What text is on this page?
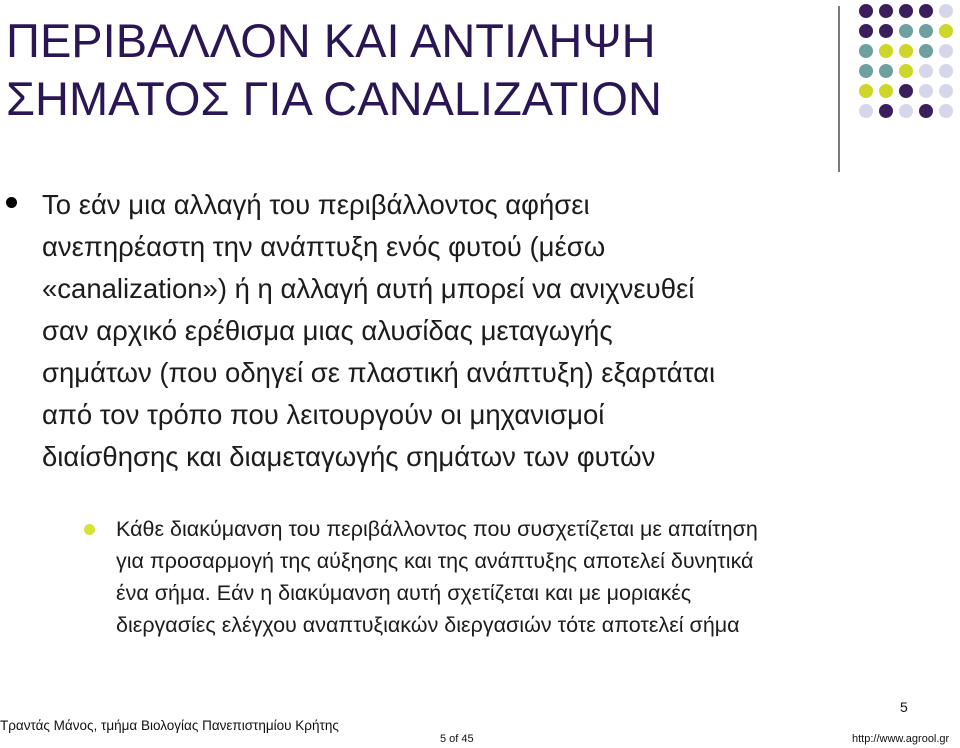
ΠΕΡΙΒΑΛΛΟΝ ΚΑΙ ΑΝΤΙΛΗΨΗ
ΣΗΜΑΤΟΣ ΓΙΑ CANALIZATION
Το εάν μια αλλαγή του περιβάλλοντος αφήσει
ανεπηρέαστη την ανάπτυξη ενός φυτού (μέσω
«canalization») ή η αλλαγή αυτή μπορεί να ανιχνευθεί
σαν αρχικό ερέθισμα μιας αλυσίδας μεταγωγής
σημάτων (που οδηγεί σε πλαστική ανάπτυξη) εξαρτάται
από τον τρόπο που λειτουργούν οι μηχανισμοί
διαίσθησης και διαμεταγωγής σημάτων των φυτών
Κάθε διακύμανση του περιβάλλοντος που συσχετίζεται με απαίτηση
για προσαρμογή της αύξησης και της ανάπτυξης αποτελεί δυνητικά
ένα σήμα. Εάν η διακύμανση αυτή σχετίζεται και με μοριακές
διεργασίες ελέγχου αναπτυξιακών διεργασιών τότε αποτελεί σήμα
Τραντάς Μάνος, τμήμα Βιολογίας Πανεπιστημίου Κρήτης
5 of 45
5
http://www.agrool.gr
